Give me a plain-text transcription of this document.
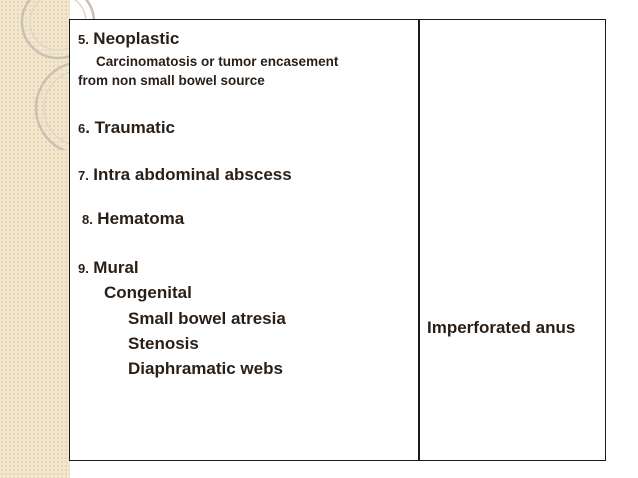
5. Neoplastic
Carcinomatosis or tumor encasement
from non small bowel source
6. Traumatic
7. Intra abdominal abscess
8. Hematoma
9. Mural
Congenital
Small bowel atresia
Stenosis
Diaphramatic webs
Imperforated anus
